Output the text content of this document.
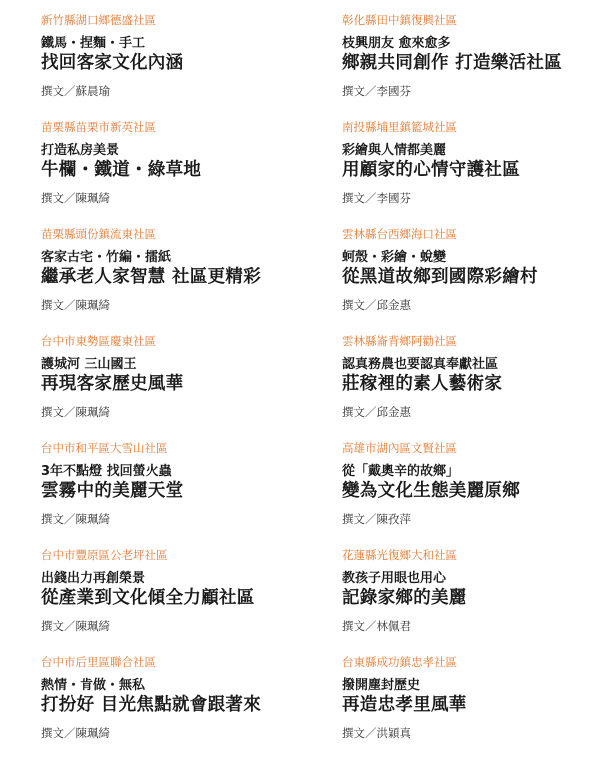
新竹縣湖口鄉德盛社區
鐵馬・捏麵・手工
找回客家文化內涵
撰文／蘇晨瑜
苗栗縣苗栗市新英社區
打造私房美景
牛欄・鐵道・綠草地
撰文／陳珮綺
苗栗縣頭份鎮流東社區
客家古宅・竹編・擂紙
繼承老人家智慧 社區更精彩
撰文／陳珮綺
台中市東勢區慶東社區
護城河 三山國王
再現客家歷史風華
撰文／陳珮綺
台中市和平區大雪山社區
3年不點燈 找回螢火蟲
雲霧中的美麗天堂
撰文／陳珮綺
台中市豐原區公老坪社區
出錢出力再創榮景
從產業到文化傾全力顧社區
撰文／陳珮綺
台中市后里區聯合社區
熱情・肯做・無私
打扮好 目光焦點就會跟著來
撰文／陳珮綺
彰化縣田中鎮復興社區
枝興朋友 愈來愈多
鄉親共同創作 打造樂活社區
撰文／李國芬
南投縣埔里鎮籃城社區
彩繪與人情都美麗
用顧家的心情守護社區
撰文／李國芬
雲林縣台西鄉海口社區
蚵殼・彩繪・蛻變
從黑道故鄉到國際彩繪村
撰文／邱金惠
雲林縣崙背鄉阿勸社區
認真務農也要認真奉獻社區
莊稼裡的素人藝術家
撰文／邱金惠
高雄市湖內區文賢社區
從「戴奧辛的故鄉」
變為文化生態美麗原鄉
撰文／陳孜萍
花蓮縣光復鄉大和社區
教孩子用眼也用心
記錄家鄉的美麗
撰文／林佩君
台東縣成功鎮忠孝社區
撥開塵封歷史
再造忠孝里風華
撰文／洪穎真
